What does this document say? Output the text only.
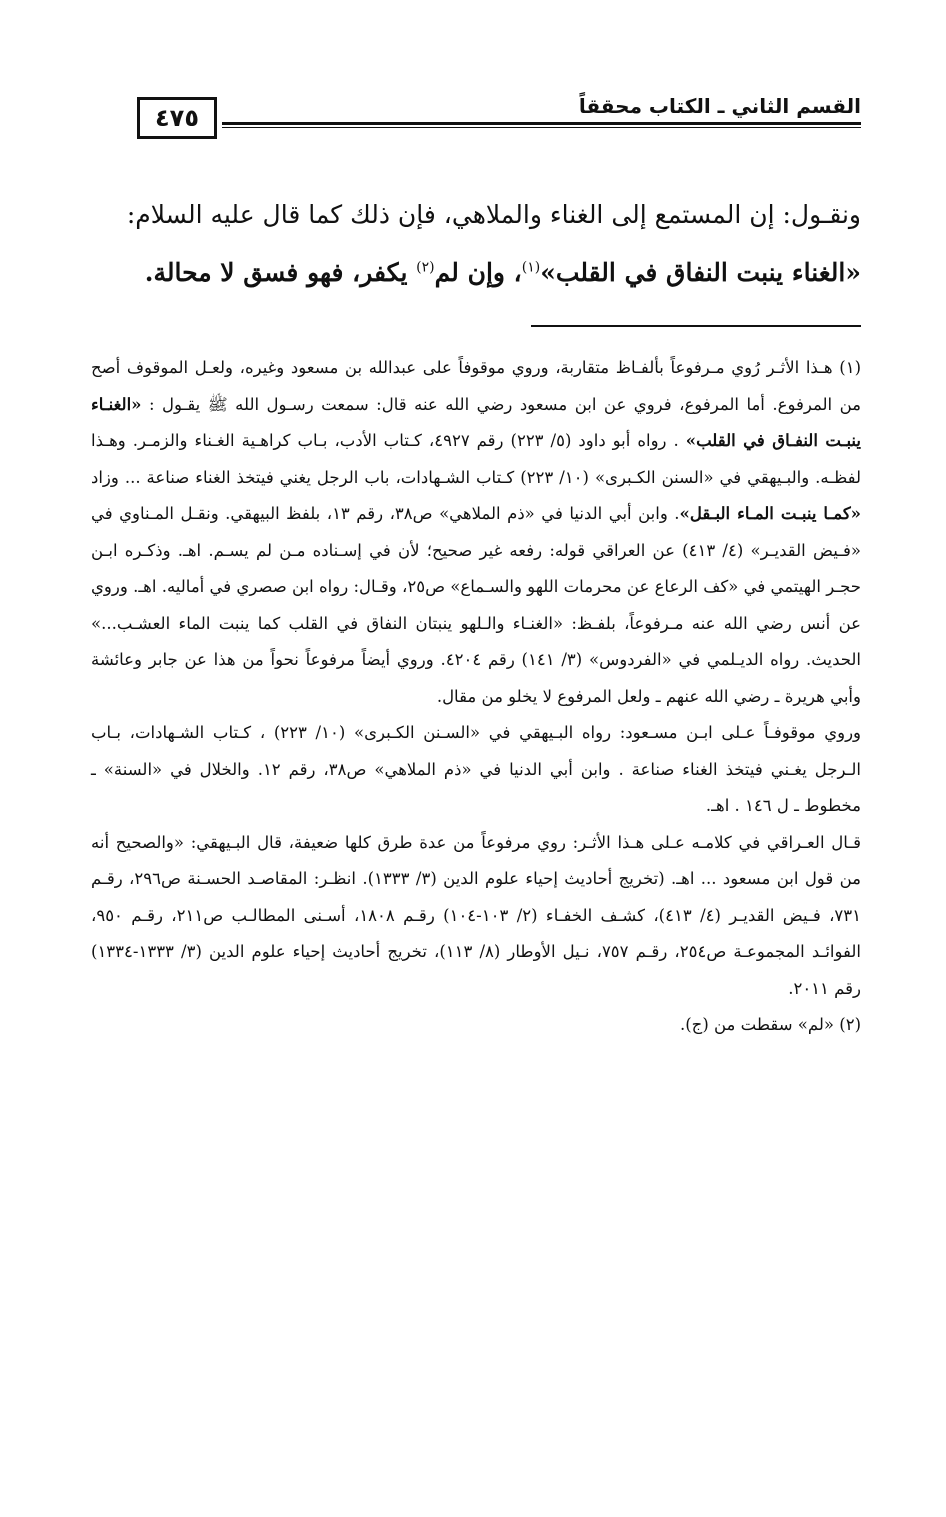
القسم الثاني ـ الكتاب محققاً
٤٧٥

ونقـول: إن المستمع إلى الغناء والملاهي، فإن ذلك كما قال عليه السلام:

«الغناء ينبت النفاق في القلب»$^{(١)}$، وإن لم$^{(٢)}$ يكفر، فهو فسق لا محالة.

(١) هـذا الأثـر رُوي مـرفوعاً بألفـاظ متقاربة، وروي موقوفاً على عبدالله بن مسعود وغيره، ولعـل الموقوف أصح من المرفوع. أما المرفوع، فروي عن ابن مسعود رضي الله عنه قال: سمعت رسـول الله ﷺ يقـول : «الغنـاء ينبـت النفـاق في القلب» . رواه أبو داود (٥/ ٢٢٣) رقم ٤٩٢٧، كـتاب الأدب، بـاب كراهـية الغـناء والزمـر. وهـذا لفظـه. والبـيهقي في «السنن الكـبرى» (١٠/ ٢٢٣) كـتاب الشـهادات، باب الرجل يغني فيتخذ الغناء صناعة ... وزاد «كمـا ينبـت المـاء البـقل». وابن أبي الدنيا في «ذم الملاهي» ص٣٨، رقم ١٣، بلفظ البيهقي. ونقـل المـناوي في «فـيض القديـر» (٤/ ٤١٣) عن العراقي قوله: رفعه غير صحيح؛ لأن في إسـناده مـن لم يسـم. اهـ. وذكـره ابـن حجـر الهيتمي في «كف الرعاع عن محرمات اللهو والسـماع» ص٢٥، وقـال: رواه ابن صصري في أماليه. اهـ. وروي عن أنس رضي الله عنه مـرفوعاً، بلفـظ: «الغنـاء والـلهو ينبتان النفاق في القلب كما ينبت الماء العشـب...» الحديث. رواه الديـلمي في «الفردوس» (٣/ ١٤١) رقم ٤٢٠٤. وروي أيضاً مرفوعاً نحواً من هذا عن جابر وعائشة وأبي هريرة ـ رضي الله عنهم ـ ولعل المرفوع لا يخلو من مقال.

وروي موقوفـاً عـلى ابـن مسـعود: رواه البـيهقي في «السـنن الكـبرى» (١٠/ ٢٢٣) ، كـتاب الشـهادات، بـاب الـرجل يغـني فيتخذ الغناء صناعة . وابن أبي الدنيا في «ذم الملاهي» ص٣٨، رقم ١٢. والخلال في «السنة» ـ مخطوط ـ ل ١٤٦ . اهـ.

قـال العـراقي في كلامـه عـلى هـذا الأثـر: روي مرفوعاً من عدة طرق كلها ضعيفة، قال البـيهقي: «والصحيح أنه من قول ابن مسعود ... اهـ. (تخريج أحاديث إحياء علوم الدين (٣/ ١٣٣٣). انظـر: المقاصـد الحسـنة ص٢٩٦، رقـم ٧٣١، فـيض القديـر (٤/ ٤١٣)، كشـف الخفـاء (٢/ ١٠٣-١٠٤) رقـم ١٨٠٨، أسـنى المطالـب ص٢١١، رقـم ٩٥٠، الفوائـد المجموعـة ص٢٥٤، رقـم ٧٥٧، نـيل الأوطار (٨/ ١١٣)، تخريج أحاديث إحياء علوم الدين (٣/ ١٣٣٣-١٣٣٤) رقم ٢٠١١.

(٢) «لم» سقطت من (ج).
